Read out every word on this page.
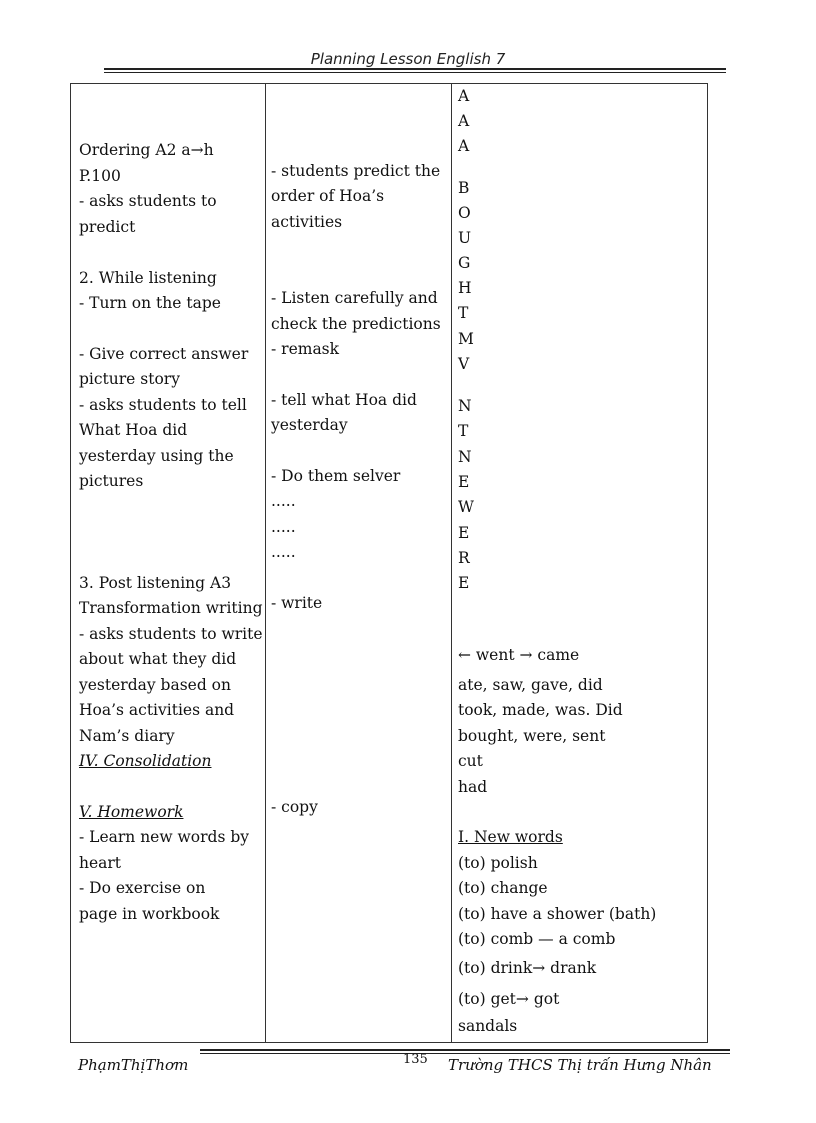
Planning Lesson English 7
Ordering A2 a→h
P.100
- asks students to
predict
2. While listening
- Turn on the tape
- Give correct answer
picture story
- asks students to tell
What Hoa did
yesterday using the
pictures
3. Post listening A3
Transformation writing
- asks students to write
about what they did
yesterday based on
Hoa’s activities and
Nam’s diary
IV. Consolidation
V. Homework
- Learn new words by
heart
- Do exercise on
page in workbook
- students predict the
order of Hoa’s
activities
- Listen carefully and
check the predictions
- remask
- tell what Hoa did
yesterday
- Do them selver
.....
.....
.....
- write
- copy
A
A
A
B
O
U
G
H
T
M
V
N
T
N
E
W
E
R
E
← went → came
ate, saw, gave, did
took, made, was. Did
bought, were, sent
cut
had
I. New words
(to) polish
(to) change
(to) have a shower (bath)
(to) comb — a comb
(to) drink→ drank
(to) get→ got
sandals
PhạmThịThơm	135 Trường THCS Thị trấn Hưng Nhân
